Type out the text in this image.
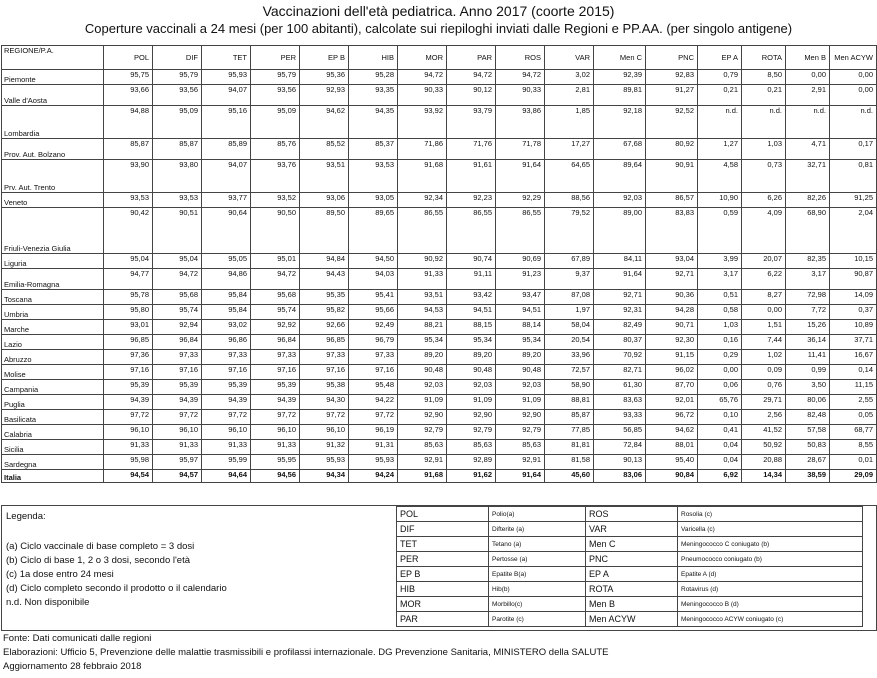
Vaccinazioni dell'età pediatrica. Anno 2017 (coorte 2015)
Coperture vaccinali a 24 mesi (per 100 abitanti), calcolate sui riepiloghi inviati dalle Regioni e PP.AA. (per singolo antigene)
REGIONE/P.A.	POL	DIF	TET	PER	EP B	HIB	MOR	PAR	ROS	VAR	Men C	PNC	EP A	ROTA	Men B	Men ACYW
Piemonte	95,75	95,79	95,93	95,79	95,36	95,28	94,72	94,72	94,72	3,02	92,39	92,83	0,79	8,50	0,00	0,00
Valle d'Aosta	93,66	93,56	94,07	93,56	92,93	93,35	90,33	90,12	90,33	2,81	89,81	91,27	0,21	0,21	2,91	0,00
Lombardia	94,88	95,09	95,16	95,09	94,62	94,35	93,92	93,79	93,86	1,85	92,18	92,52	n.d.	n.d.	n.d.	n.d.
Prov. Aut. Bolzano	85,87	85,87	85,89	85,76	85,52	85,37	71,86	71,76	71,78	17,27	67,68	80,92	1,27	1,03	4,71	0,17
Prv. Aut. Trento	93,90	93,80	94,07	93,76	93,51	93,53	91,68	91,61	91,64	64,65	89,64	90,91	4,58	0,73	32,71	0,81
Veneto	93,53	93,53	93,77	93,52	93,06	93,05	92,34	92,23	92,29	88,56	92,03	86,57	10,90	6,26	82,26	91,25
Friuli-Venezia Giulia	90,42	90,51	90,64	90,50	89,50	89,65	86,55	86,55	86,55	79,52	89,00	83,83	0,59	4,09	68,90	2,04
Liguria	95,04	95,04	95,05	95,01	94,84	94,50	90,92	90,74	90,69	67,89	84,11	93,04	3,99	20,07	82,35	10,15
Emilia-Romagna	94,77	94,72	94,86	94,72	94,43	94,03	91,33	91,11	91,23	9,37	91,64	92,71	3,17	6,22	3,17	90,87
Toscana	95,78	95,68	95,84	95,68	95,35	95,41	93,51	93,42	93,47	87,08	92,71	90,36	0,51	8,27	72,98	14,09
Umbria	95,80	95,74	95,84	95,74	95,82	95,66	94,53	94,51	94,51	1,97	92,31	94,28	0,58	0,00	7,72	0,37
Marche	93,01	92,94	93,02	92,92	92,66	92,49	88,21	88,15	88,14	58,04	82,49	90,71	1,03	1,51	15,26	10,89
Lazio	96,85	96,84	96,86	96,84	96,85	96,79	95,34	95,34	95,34	20,54	80,37	92,30	0,16	7,44	36,14	37,71
Abruzzo	97,36	97,33	97,33	97,33	97,33	97,33	89,20	89,20	89,20	33,96	70,92	91,15	0,29	1,02	11,41	16,67
Molise	97,16	97,16	97,16	97,16	97,16	97,16	90,48	90,48	90,48	72,57	82,71	96,02	0,00	0,09	0,99	0,14
Campania	95,39	95,39	95,39	95,39	95,38	95,48	92,03	92,03	92,03	58,90	61,30	87,70	0,06	0,76	3,50	11,15
Puglia	94,39	94,39	94,39	94,39	94,30	94,22	91,09	91,09	91,09	88,81	83,63	92,01	65,76	29,71	80,06	2,55
Basilicata	97,72	97,72	97,72	97,72	97,72	97,72	92,90	92,90	92,90	85,87	93,33	96,72	0,10	2,56	82,48	0,05
Calabria	96,10	96,10	96,10	96,10	96,10	96,19	92,79	92,79	92,79	77,85	56,85	94,62	0,41	41,52	57,58	68,77
Sicilia	91,33	91,33	91,33	91,33	91,32	91,31	85,63	85,63	85,63	81,81	72,84	88,01	0,04	50,92	50,83	8,55
Sardegna	95,98	95,97	95,99	95,95	95,93	95,93	92,91	92,89	92,91	81,58	90,13	95,40	0,04	20,88	28,67	0,01
Italia	94,54	94,57	94,64	94,56	94,34	94,24	91,68	91,62	91,64	45,60	83,06	90,84	6,92	14,34	38,59	29,09
Legenda:
(a) Ciclo vaccinale di base completo = 3 dosi
(b) Ciclo di base 1, 2 o 3 dosi, secondo l'età
(c) 1a dose entro 24 mesi
(d) Ciclo completo secondo il prodotto o il calendario
n.d. Non disponibile
POL	Polio(a)	ROS	Rosolia (c)
DIF	Difterite (a)	VAR	Varicella (c)
TET	Tetano (a)	Men C	Meningococco C coniugato (b)
PER	Pertosse (a)	PNC	Pneumococco coniugato (b)
EP B	Epatite B(a)	EP A	Epatite A (d)
HIB	Hib(b)	ROTA	Rotavirus (d)
MOR	Morbillo(c)	Men B	Meningococco B (d)
PAR	Parotite (c)	Men ACYW	Meningococco ACYW coniugato (c)
Fonte: Dati comunicati dalle regioni
Elaborazioni: Ufficio 5, Prevenzione delle malattie trasmissibili e profilassi internazionale. DG Prevenzione Sanitaria, MINISTERO della SALUTE
Aggiornamento 28 febbraio 2018
